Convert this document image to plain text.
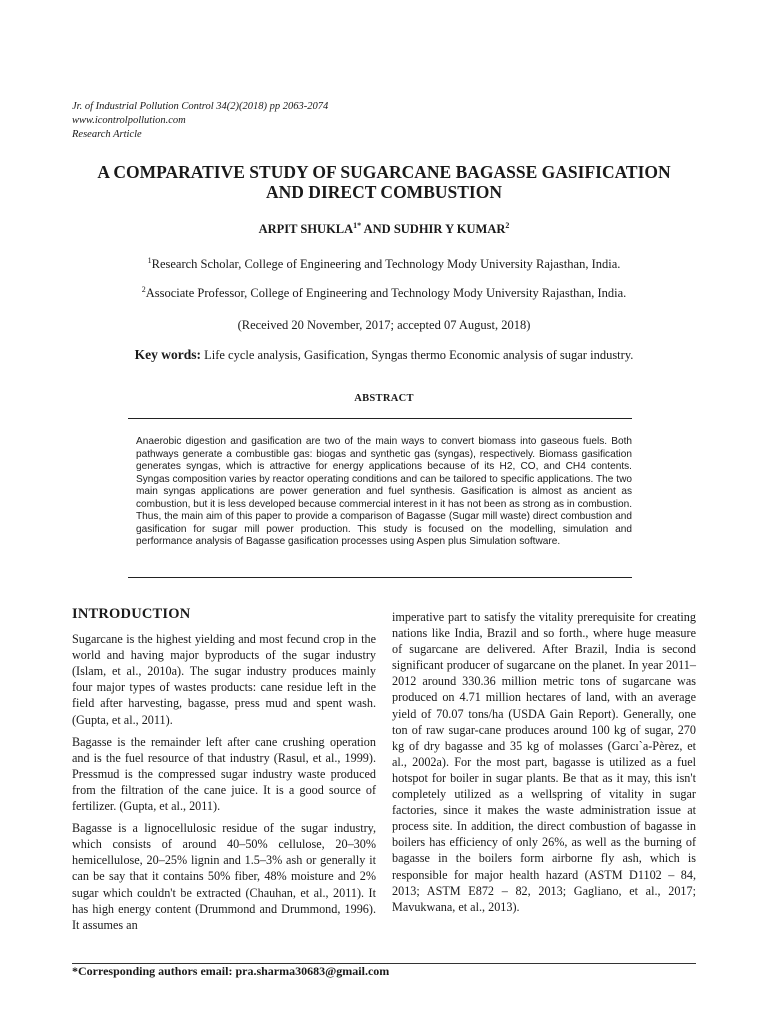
Jr. of Industrial Pollution Control 34(2)(2018) pp 2063-2074
www.icontrolpollution.com
Research Article
A COMPARATIVE STUDY OF SUGARCANE BAGASSE GASIFICATION
AND DIRECT COMBUSTION
ARPIT $SHUKLA^{1*}$ AND SUDHIR Y KUMAR$^2$
$^1$Research Scholar, College of Engineering and Technology Mody University Rajasthan, India.
$^2$Associate Professor, College of Engineering and Technology Mody University Rajasthan, India.
(Received 20 November, 2017; accepted 07 August, 2018)
Key words: Life cycle analysis, Gasification, Syngas thermo Economic analysis of sugar industry.
ABSTRACT
Anaerobic digestion and gasification are two of the main ways to convert biomass into gaseous fuels. Both pathways generate a combustible gas: biogas and synthetic gas (syngas), respectively. Biomass gasification generates syngas, which is attractive for energy applications because of its H2, CO, and CH4 contents. Syngas composition varies by reactor operating conditions and can be tailored to specific applications. The two main syngas applications are power generation and fuel synthesis. Gasification is almost as ancient as combustion, but it is less developed because commercial interest in it has not been as strong as in combustion. Thus, the main aim of this paper to provide a comparison of Bagasse (Sugar mill waste) direct combustion and gasification for sugar mill power production. This study is focused on the modelling, simulation and performance analysis of Bagasse gasification processes using Aspen plus Simulation software.
INTRODUCTION

Sugarcane is the highest yielding and most fecund crop in the world and having major byproducts of the sugar industry (Islam, et al., 2010a). The sugar industry produces mainly four major types of wastes products: cane residue left in the field after harvesting, bagasse, press mud and spent wash. (Gupta, et al., 2011).

Bagasse is the remainder left after cane crushing operation and is the fuel resource of that industry (Rasul, et al., 1999). Pressmud is the compressed sugar industry waste produced from the filtration of the cane juice. It is a good source of fertilizer. (Gupta, et al., 2011).

Bagasse is a lignocellulosic residue of the sugar industry, which consists of around 40–50% cellulose, 20–30% hemicellulose, 20–25% lignin and 1.5–3% ash or generally it can be say that it contains 50% fiber, 48% moisture and 2% sugar which couldn't be extracted (Chauhan, et al., 2011). It has high energy content (Drummond and Drummond, 1996). It assumes an

imperative part to satisfy the vitality prerequisite for creating nations like India, Brazil and so forth., where huge measure of sugarcane are delivered. After Brazil, India is second significant producer of sugarcane on the planet. In year 2011–2012 around 330.36 million metric tons of sugarcane was produced on 4.71 million hectares of land, with an average yield of 70.07 tons/ha (USDA Gain Report). Generally, one ton of raw sugar-cane produces around 100 kg of sugar, 270 kg of dry bagasse and 35 kg of molasses (Garcı`a-Pèrez, et al., 2002a). For the most part, bagasse is utilized as a fuel hotspot for boiler in sugar plants. Be that as it may, this isn't completely utilized as a wellspring of vitality in sugar factories, since it makes the waste administration issue at process site. In addition, the direct combustion of bagasse in boilers has efficiency of only 26%, as well as the burning of bagasse in the boilers form airborne fly ash, which is responsible for major health hazard (ASTM D1102 – 84, 2013; ASTM E872 – 82, 2013; Gagliano, et al., 2017; Mavukwana, et al., 2013).

*Corresponding authors email: pra.sharma30683@gmail.com
